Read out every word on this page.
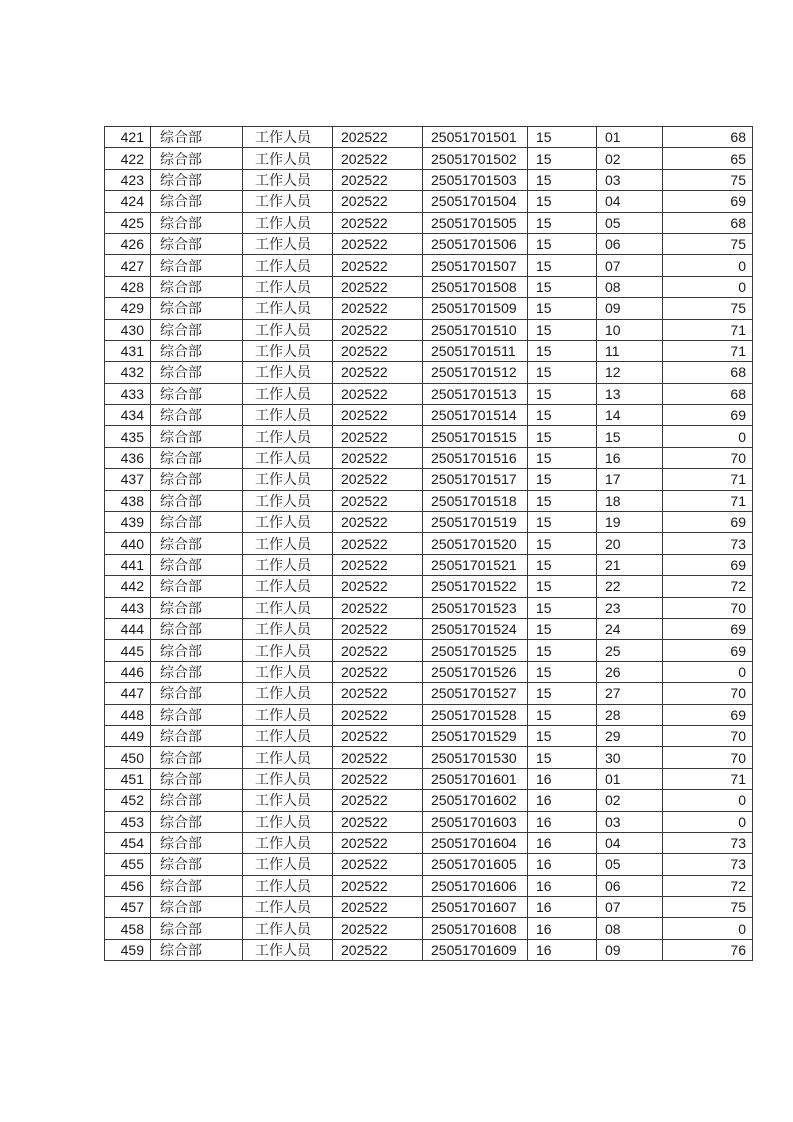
421	综合部	工作人员	202522	25051701501	15	01	68
422	综合部	工作人员	202522	25051701502	15	02	65
423	综合部	工作人员	202522	25051701503	15	03	75
424	综合部	工作人员	202522	25051701504	15	04	69
425	综合部	工作人员	202522	25051701505	15	05	68
426	综合部	工作人员	202522	25051701506	15	06	75
427	综合部	工作人员	202522	25051701507	15	07	0
428	综合部	工作人员	202522	25051701508	15	08	0
429	综合部	工作人员	202522	25051701509	15	09	75
430	综合部	工作人员	202522	25051701510	15	10	71
431	综合部	工作人员	202522	25051701511	15	11	71
432	综合部	工作人员	202522	25051701512	15	12	68
433	综合部	工作人员	202522	25051701513	15	13	68
434	综合部	工作人员	202522	25051701514	15	14	69
435	综合部	工作人员	202522	25051701515	15	15	0
436	综合部	工作人员	202522	25051701516	15	16	70
437	综合部	工作人员	202522	25051701517	15	17	71
438	综合部	工作人员	202522	25051701518	15	18	71
439	综合部	工作人员	202522	25051701519	15	19	69
440	综合部	工作人员	202522	25051701520	15	20	73
441	综合部	工作人员	202522	25051701521	15	21	69
442	综合部	工作人员	202522	25051701522	15	22	72
443	综合部	工作人员	202522	25051701523	15	23	70
444	综合部	工作人员	202522	25051701524	15	24	69
445	综合部	工作人员	202522	25051701525	15	25	69
446	综合部	工作人员	202522	25051701526	15	26	0
447	综合部	工作人员	202522	25051701527	15	27	70
448	综合部	工作人员	202522	25051701528	15	28	69
449	综合部	工作人员	202522	25051701529	15	29	70
450	综合部	工作人员	202522	25051701530	15	30	70
451	综合部	工作人员	202522	25051701601	16	01	71
452	综合部	工作人员	202522	25051701602	16	02	0
453	综合部	工作人员	202522	25051701603	16	03	0
454	综合部	工作人员	202522	25051701604	16	04	73
455	综合部	工作人员	202522	25051701605	16	05	73
456	综合部	工作人员	202522	25051701606	16	06	72
457	综合部	工作人员	202522	25051701607	16	07	75
458	综合部	工作人员	202522	25051701608	16	08	0
459	综合部	工作人员	202522	25051701609	16	09	76
